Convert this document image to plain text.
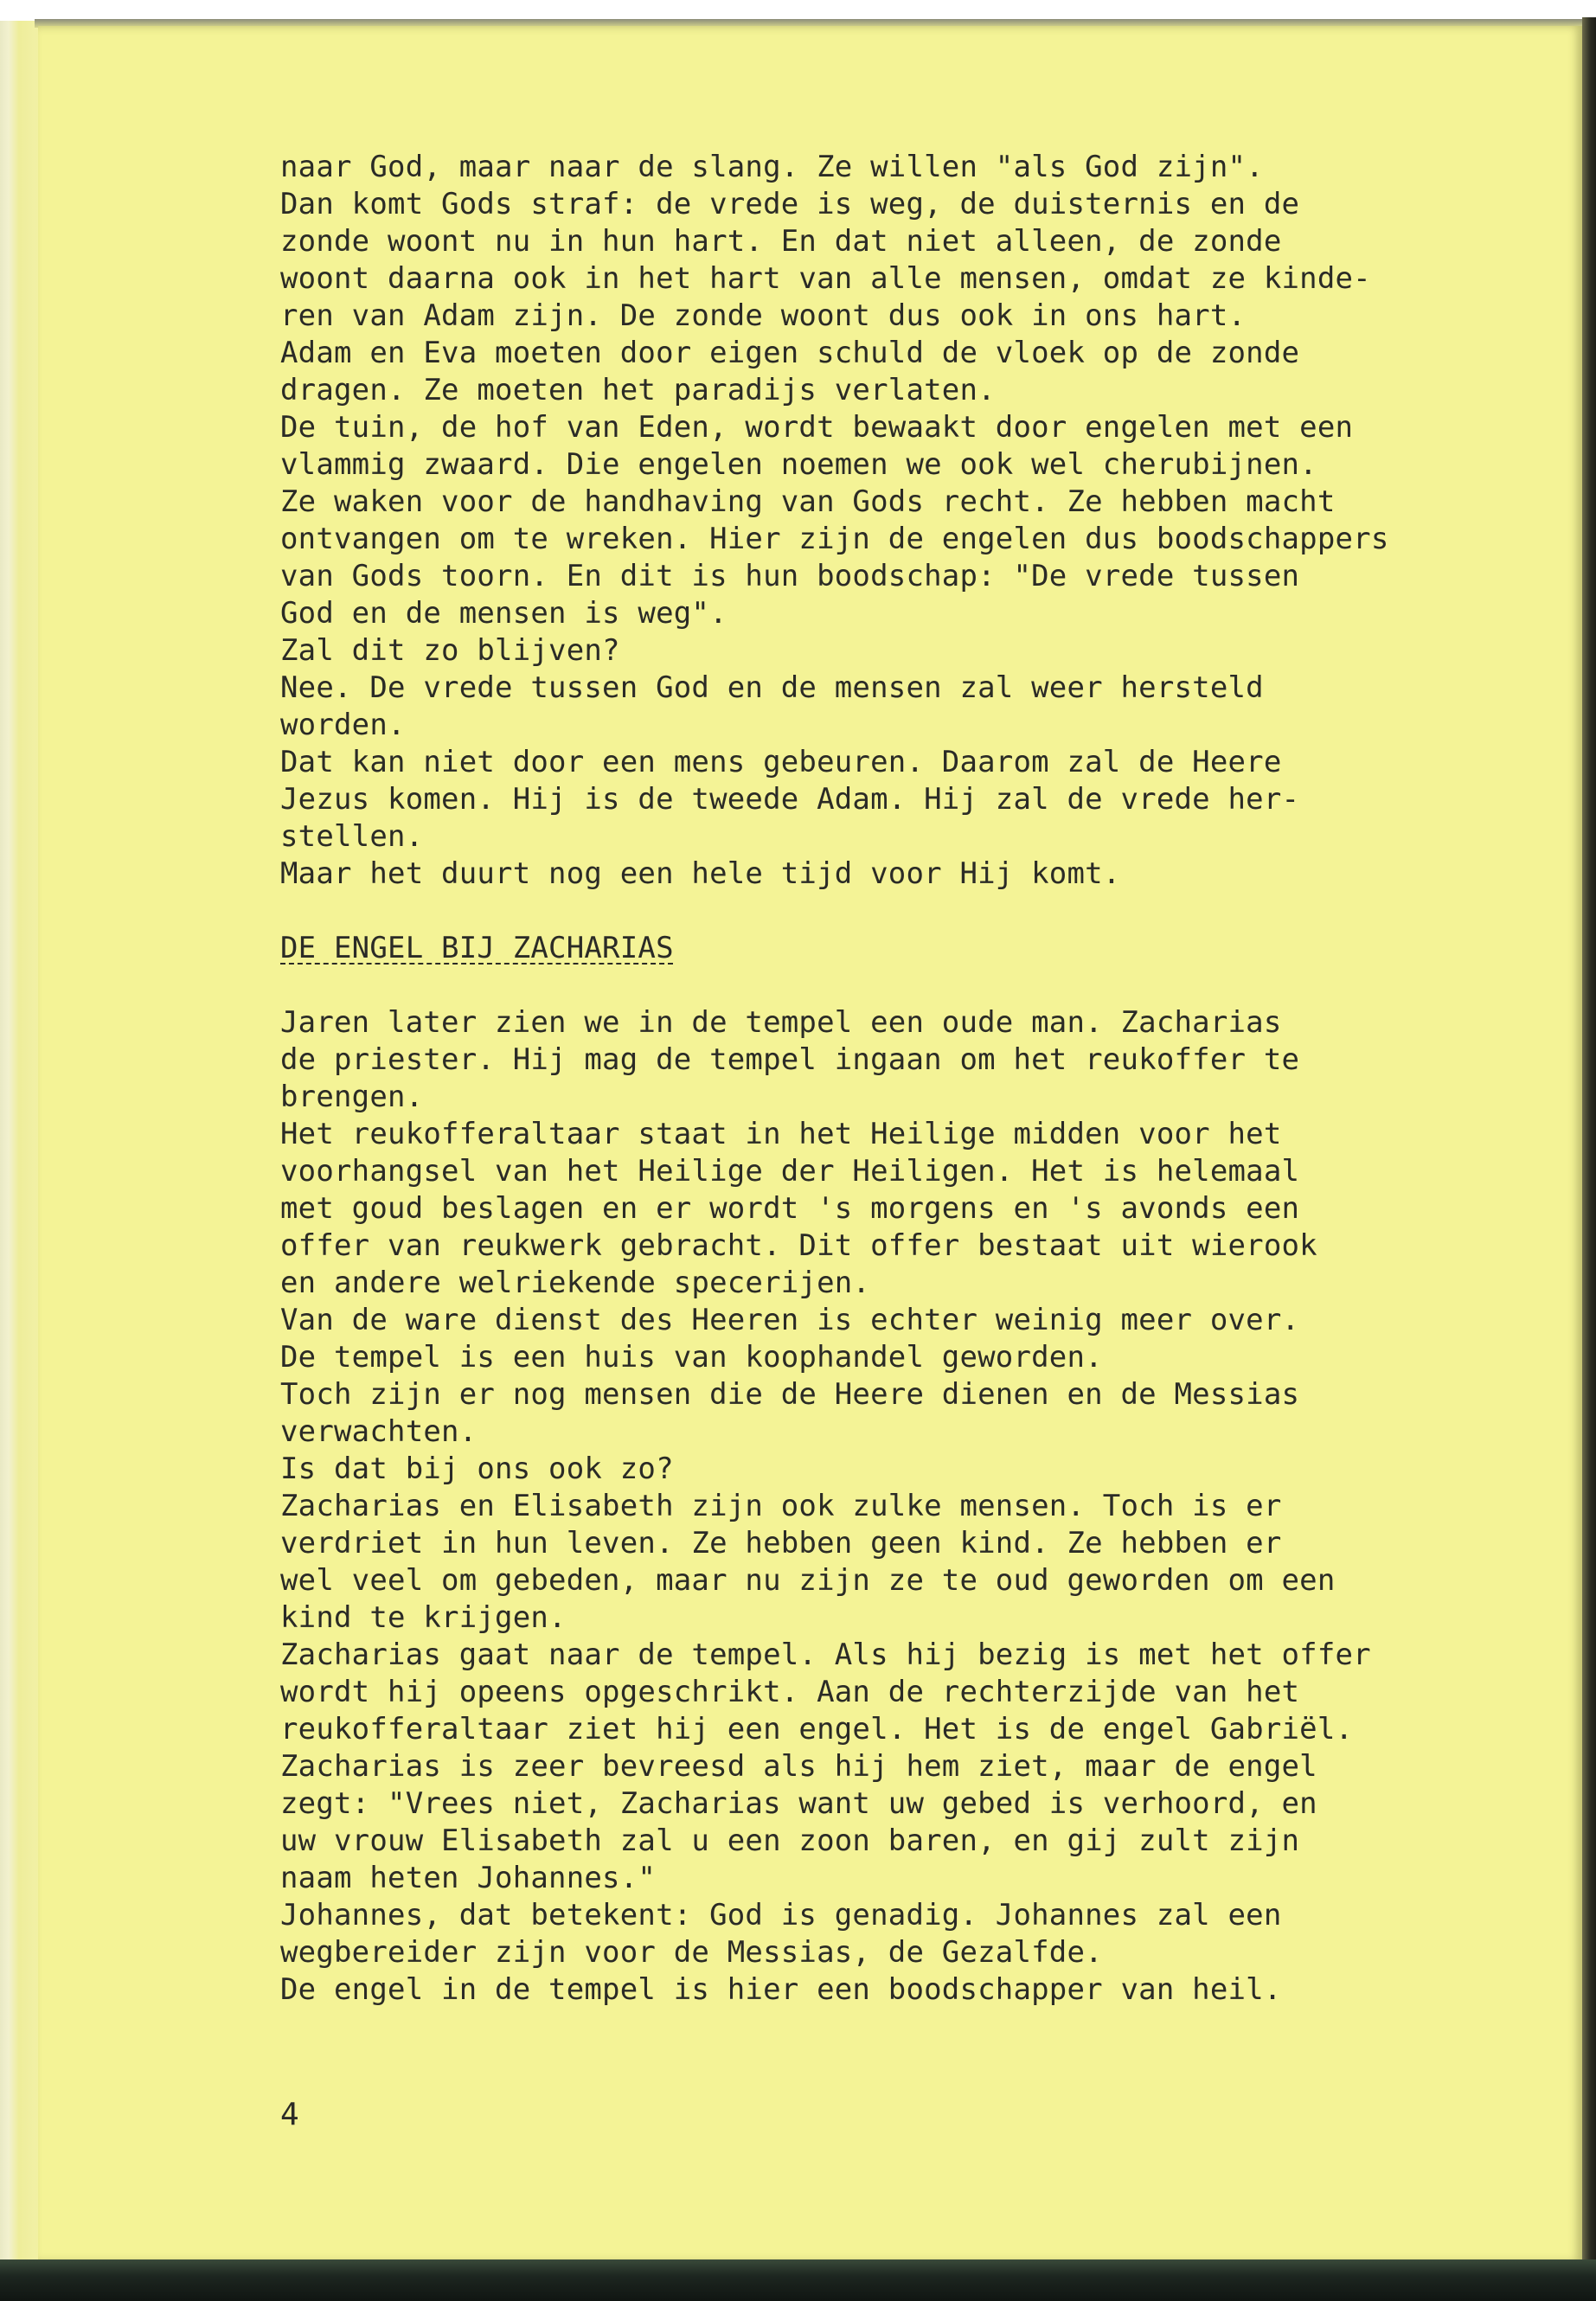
naar God, maar naar de slang. Ze willen "als God zijn".
Dan komt Gods straf: de vrede is weg, de duisternis en de
zonde woont nu in hun hart. En dat niet alleen, de zonde
woont daarna ook in het hart van alle mensen, omdat ze kinde-
ren van Adam zijn. De zonde woont dus ook in ons hart.
Adam en Eva moeten door eigen schuld de vloek op de zonde
dragen. Ze moeten het paradijs verlaten.
De tuin, de hof van Eden, wordt bewaakt door engelen met een
vlammig zwaard. Die engelen noemen we ook wel cherubijnen.
Ze waken voor de handhaving van Gods recht. Ze hebben macht
ontvangen om te wreken. Hier zijn de engelen dus boodschappers
van Gods toorn. En dit is hun boodschap: "De vrede tussen
God en de mensen is weg".
Zal dit zo blijven?
Nee. De vrede tussen God en de mensen zal weer hersteld
worden.
Dat kan niet door een mens gebeuren. Daarom zal de Heere
Jezus komen. Hij is de tweede Adam. Hij zal de vrede her-
stellen.
Maar het duurt nog een hele tijd voor Hij komt.
DE ENGEL BIJ ZACHARIAS
Jaren later zien we in de tempel een oude man. Zacharias
de priester. Hij mag de tempel ingaan om het reukoffer te
brengen.
Het reukofferaltaar staat in het Heilige midden voor het
voorhangsel van het Heilige der Heiligen. Het is helemaal
met goud beslagen en er wordt 's morgens en 's avonds een
offer van reukwerk gebracht. Dit offer bestaat uit wierook
en andere welriekende specerijen.
Van de ware dienst des Heeren is echter weinig meer over.
De tempel is een huis van koophandel geworden.
Toch zijn er nog mensen die de Heere dienen en de Messias
verwachten.
Is dat bij ons ook zo?
Zacharias en Elisabeth zijn ook zulke mensen. Toch is er
verdriet in hun leven. Ze hebben geen kind. Ze hebben er
wel veel om gebeden, maar nu zijn ze te oud geworden om een
kind te krijgen.
Zacharias gaat naar de tempel. Als hij bezig is met het offer
wordt hij opeens opgeschrikt. Aan de rechterzijde van het
reukofferaltaar ziet hij een engel. Het is de engel Gabriël.
Zacharias is zeer bevreesd als hij hem ziet, maar de engel
zegt: "Vrees niet, Zacharias want uw gebed is verhoord, en
uw vrouw Elisabeth zal u een zoon baren, en gij zult zijn
naam heten Johannes."
Johannes, dat betekent: God is genadig. Johannes zal een
wegbereider zijn voor de Messias, de Gezalfde.
De engel in de tempel is hier een boodschapper van heil.
4
